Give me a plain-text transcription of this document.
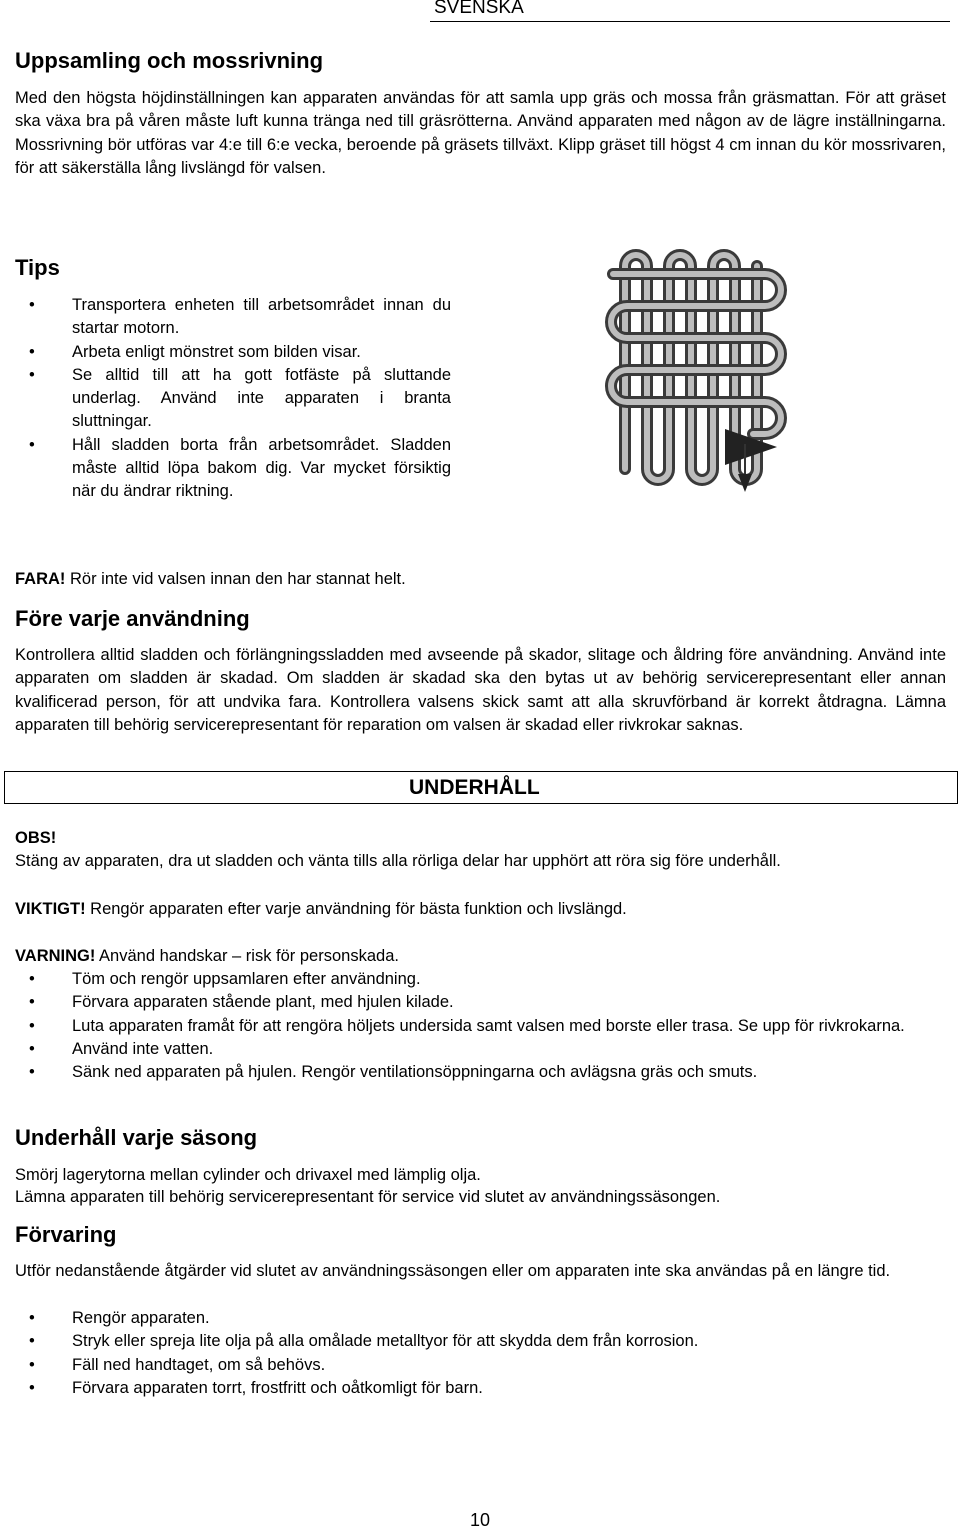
SVENSKA
Uppsamling och mossrivning

Med den högsta höjdinställningen kan apparaten användas för att samla upp gräs och mossa från gräsmattan. För att gräset ska växa bra på våren måste luft kunna tränga ned till gräsrötterna. Använd apparaten med någon av de lägre inställningarna. Mossrivning bör utföras var 4:e till 6:e vecka, beroende på gräsets tillväxt. Klipp gräset till högst 4 cm innan du kör mossrivaren, för att säkerställa lång livslängd för valsen.

Tips
• Transportera enheten till arbetsområdet innan du startar motorn.
• Arbeta enligt mönstret som bilden visar.
• Se alltid till att ha gott fotfäste på sluttande underlag. Använd inte apparaten i branta sluttningar.
• Håll sladden borta från arbetsområdet. Sladden måste alltid löpa bakom dig. Var mycket försiktig när du ändrar riktning.

FARA! Rör inte vid valsen innan den har stannat helt.

Före varje användning

Kontrollera alltid sladden och förlängningssladden med avseende på skador, slitage och åldring före användning. Använd inte apparaten om sladden är skadad. Om sladden är skadad ska den bytas ut av behörig servicerepresentant eller annan kvalificerad person, för att undvika fara. Kontrollera valsens skick samt att alla skruvförband är korrekt åtdragna. Lämna apparaten till behörig servicerepresentant för reparation om valsen är skadad eller rivkrokar saknas.

UNDERHÅLL

OBS!

Stäng av apparaten, dra ut sladden och vänta tills alla rörliga delar har upphört att röra sig före underhåll.

VIKTIGT! Rengör apparaten efter varje användning för bästa funktion och livslängd.

VARNING! Använd handskar – risk för personskada.

• Töm och rengör uppsamlaren efter användning.
• Förvara apparaten stående plant, med hjulen kilade.
• Luta apparaten framåt för att rengöra höljets undersida samt valsen med borste eller trasa. Se upp för rivkrokarna.
• Använd inte vatten.
• Sänk ned apparaten på hjulen. Rengör ventilationsöppningarna och avlägsna gräs och smuts.
Underhåll varje säsong

Smörj lagerytorna mellan cylinder och drivaxel med lämplig olja.

Lämna apparaten till behörig servicerepresentant för service vid slutet av användningssäsongen.

Förvaring

Utför nedanstående åtgärder vid slutet av användningssäsongen eller om apparaten inte ska användas på en längre tid.

• Rengör apparaten.
• Stryk eller spreja lite olja på alla omålade metalltyor för att skydda dem från korrosion.
• Fäll ned handtaget, om så behövs.
• Förvara apparaten torrt, frostfritt och oåtkomligt för barn.
10
